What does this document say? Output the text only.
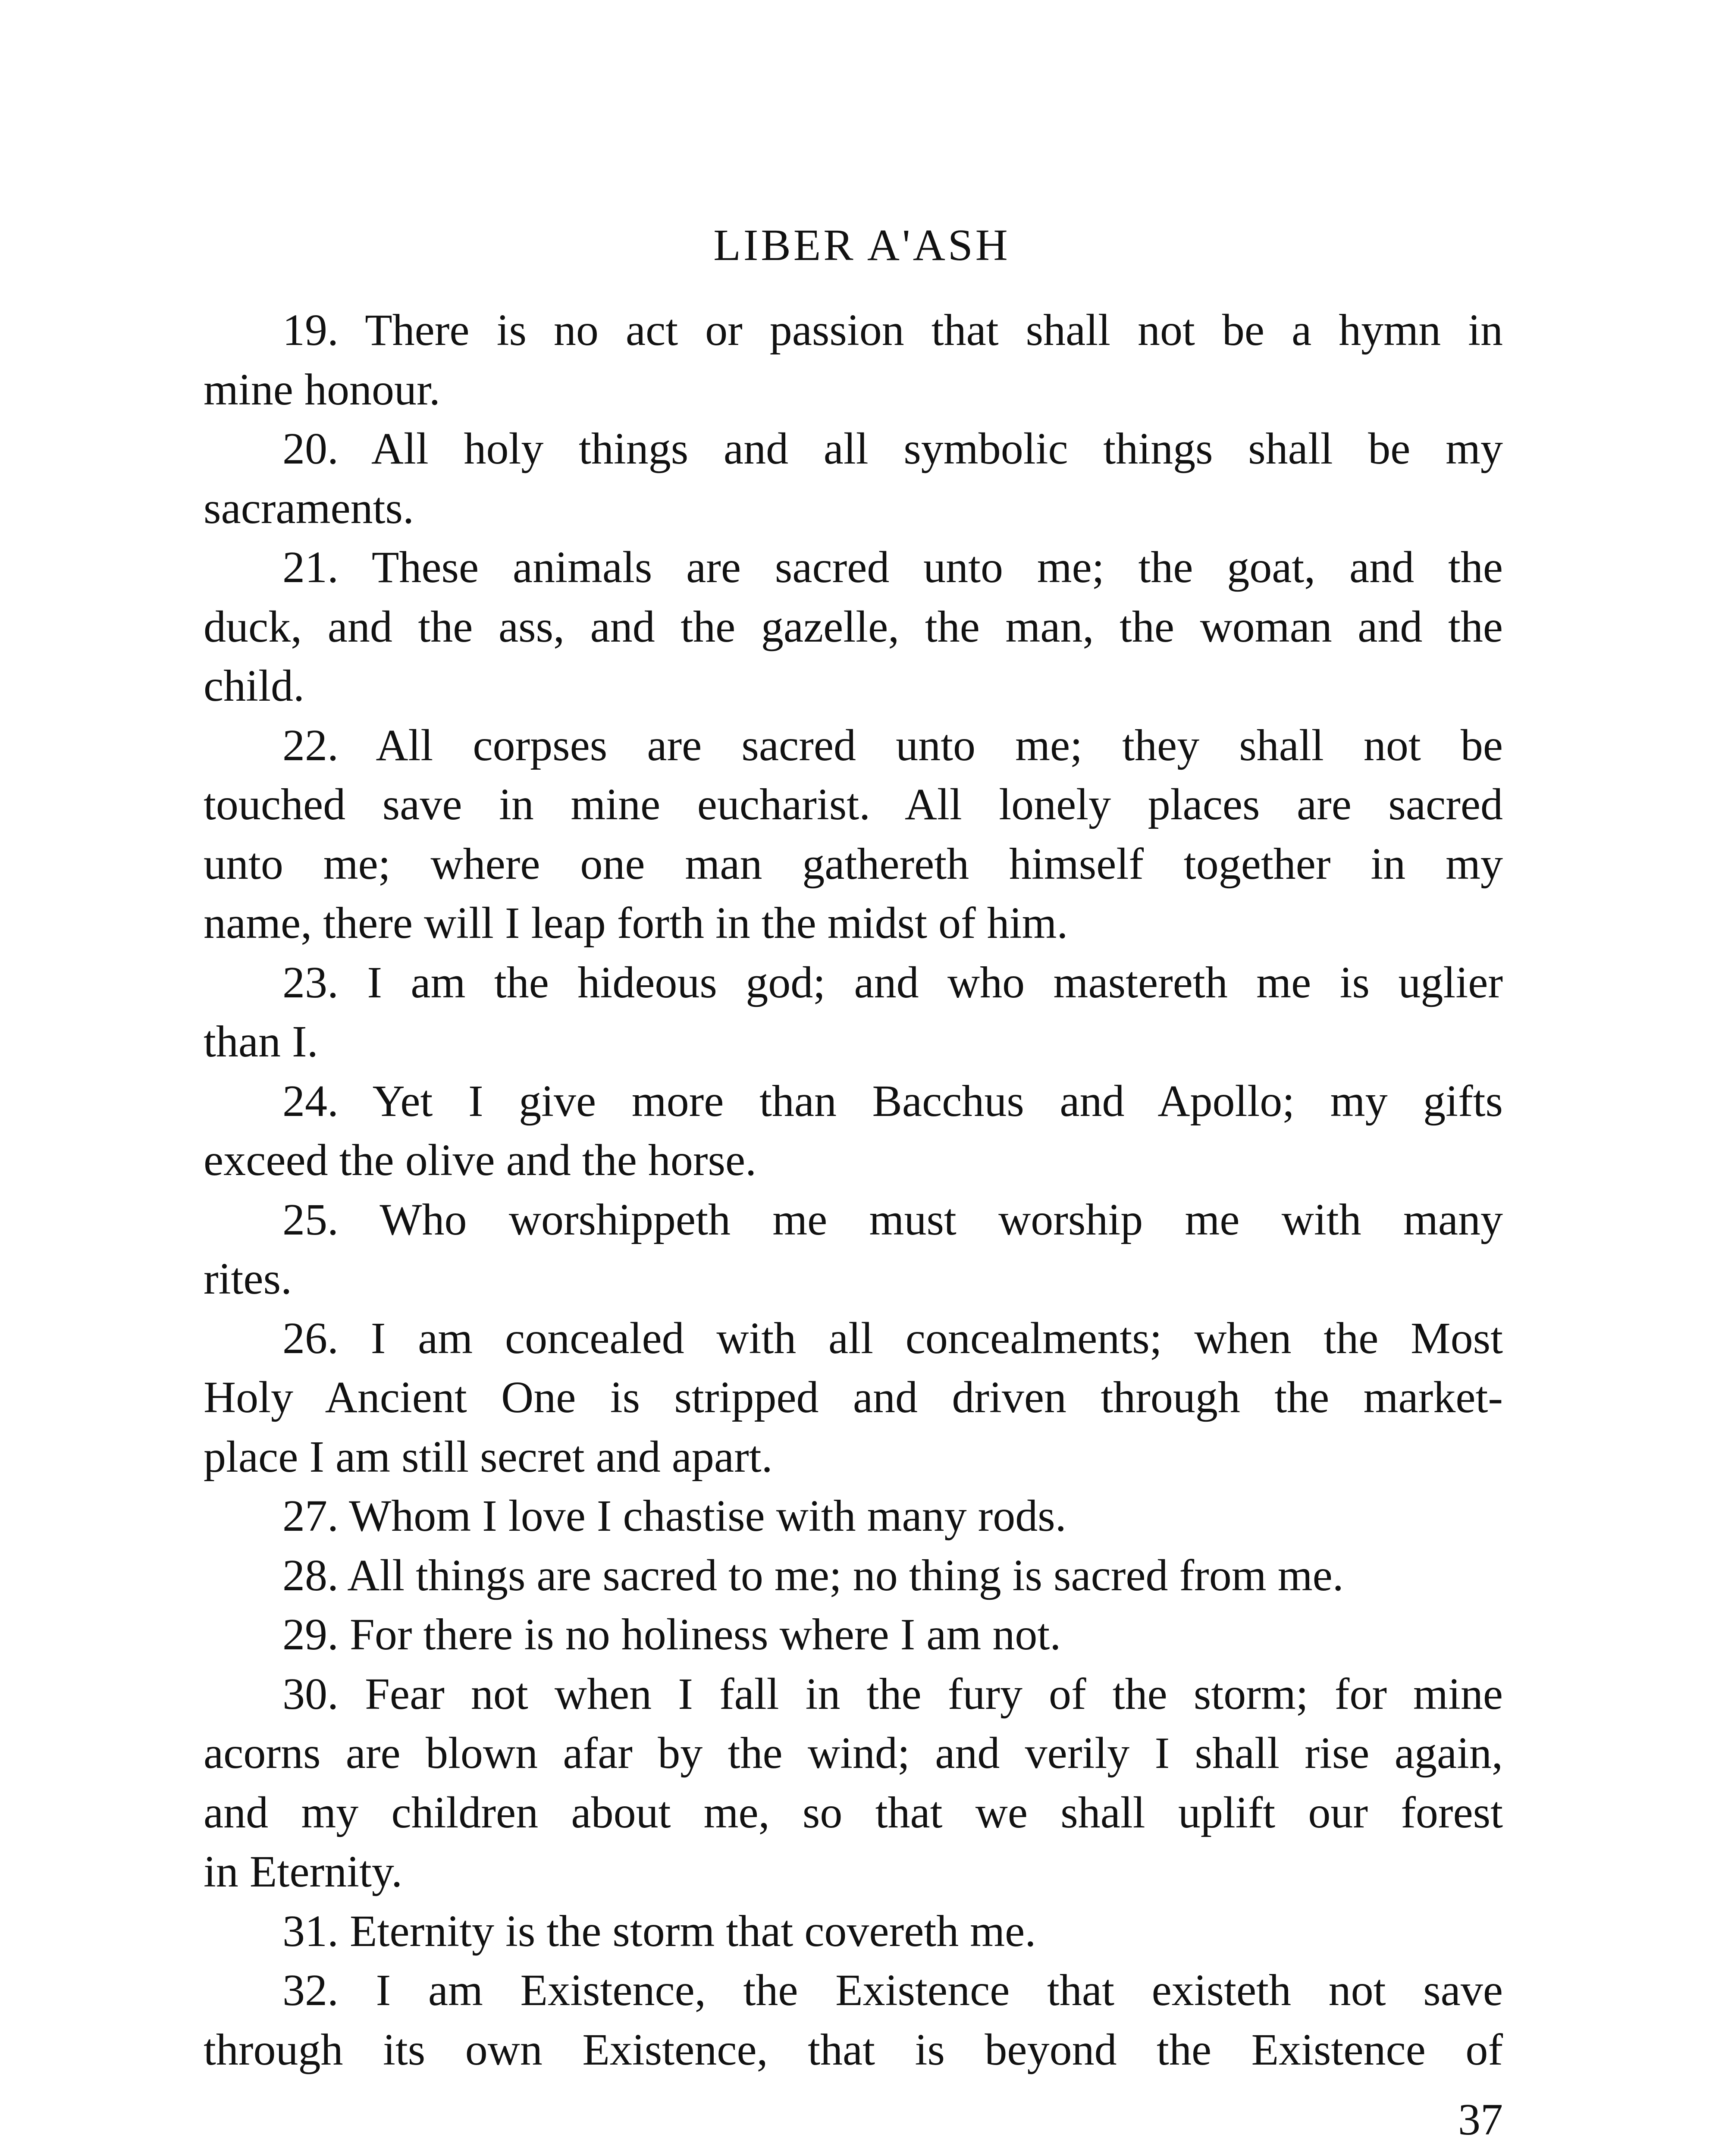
LIBER A'ASH
19. There is no act or passion that shall not be a hymn in
mine honour.
20. All holy things and all symbolic things shall be my
sacraments.
21. These animals are sacred unto me; the goat, and the
duck, and the ass, and the gazelle, the man, the woman and the
child.
22. All corpses are sacred unto me; they shall not be
touched save in mine eucharist. All lonely places are sacred
unto me; where one man gathereth himself together in my
name, there will I leap forth in the midst of him.
23. I am the hideous god; and who mastereth me is uglier
than I.
24. Yet I give more than Bacchus and Apollo; my gifts
exceed the olive and the horse.
25. Who worshippeth me must worship me with many
rites.
26. I am concealed with all concealments; when the Most
Holy Ancient One is stripped and driven through the market-
place I am still secret and apart.
27. Whom I love I chastise with many rods.
28. All things are sacred to me; no thing is sacred from me.
29. For there is no holiness where I am not.
30. Fear not when I fall in the fury of the storm; for mine
acorns are blown afar by the wind; and verily I shall rise again,
and my children about me, so that we shall uplift our forest
in Eternity.
31. Eternity is the storm that covereth me.
32. I am Existence, the Existence that existeth not save
through its own Existence, that is beyond the Existence of
37
